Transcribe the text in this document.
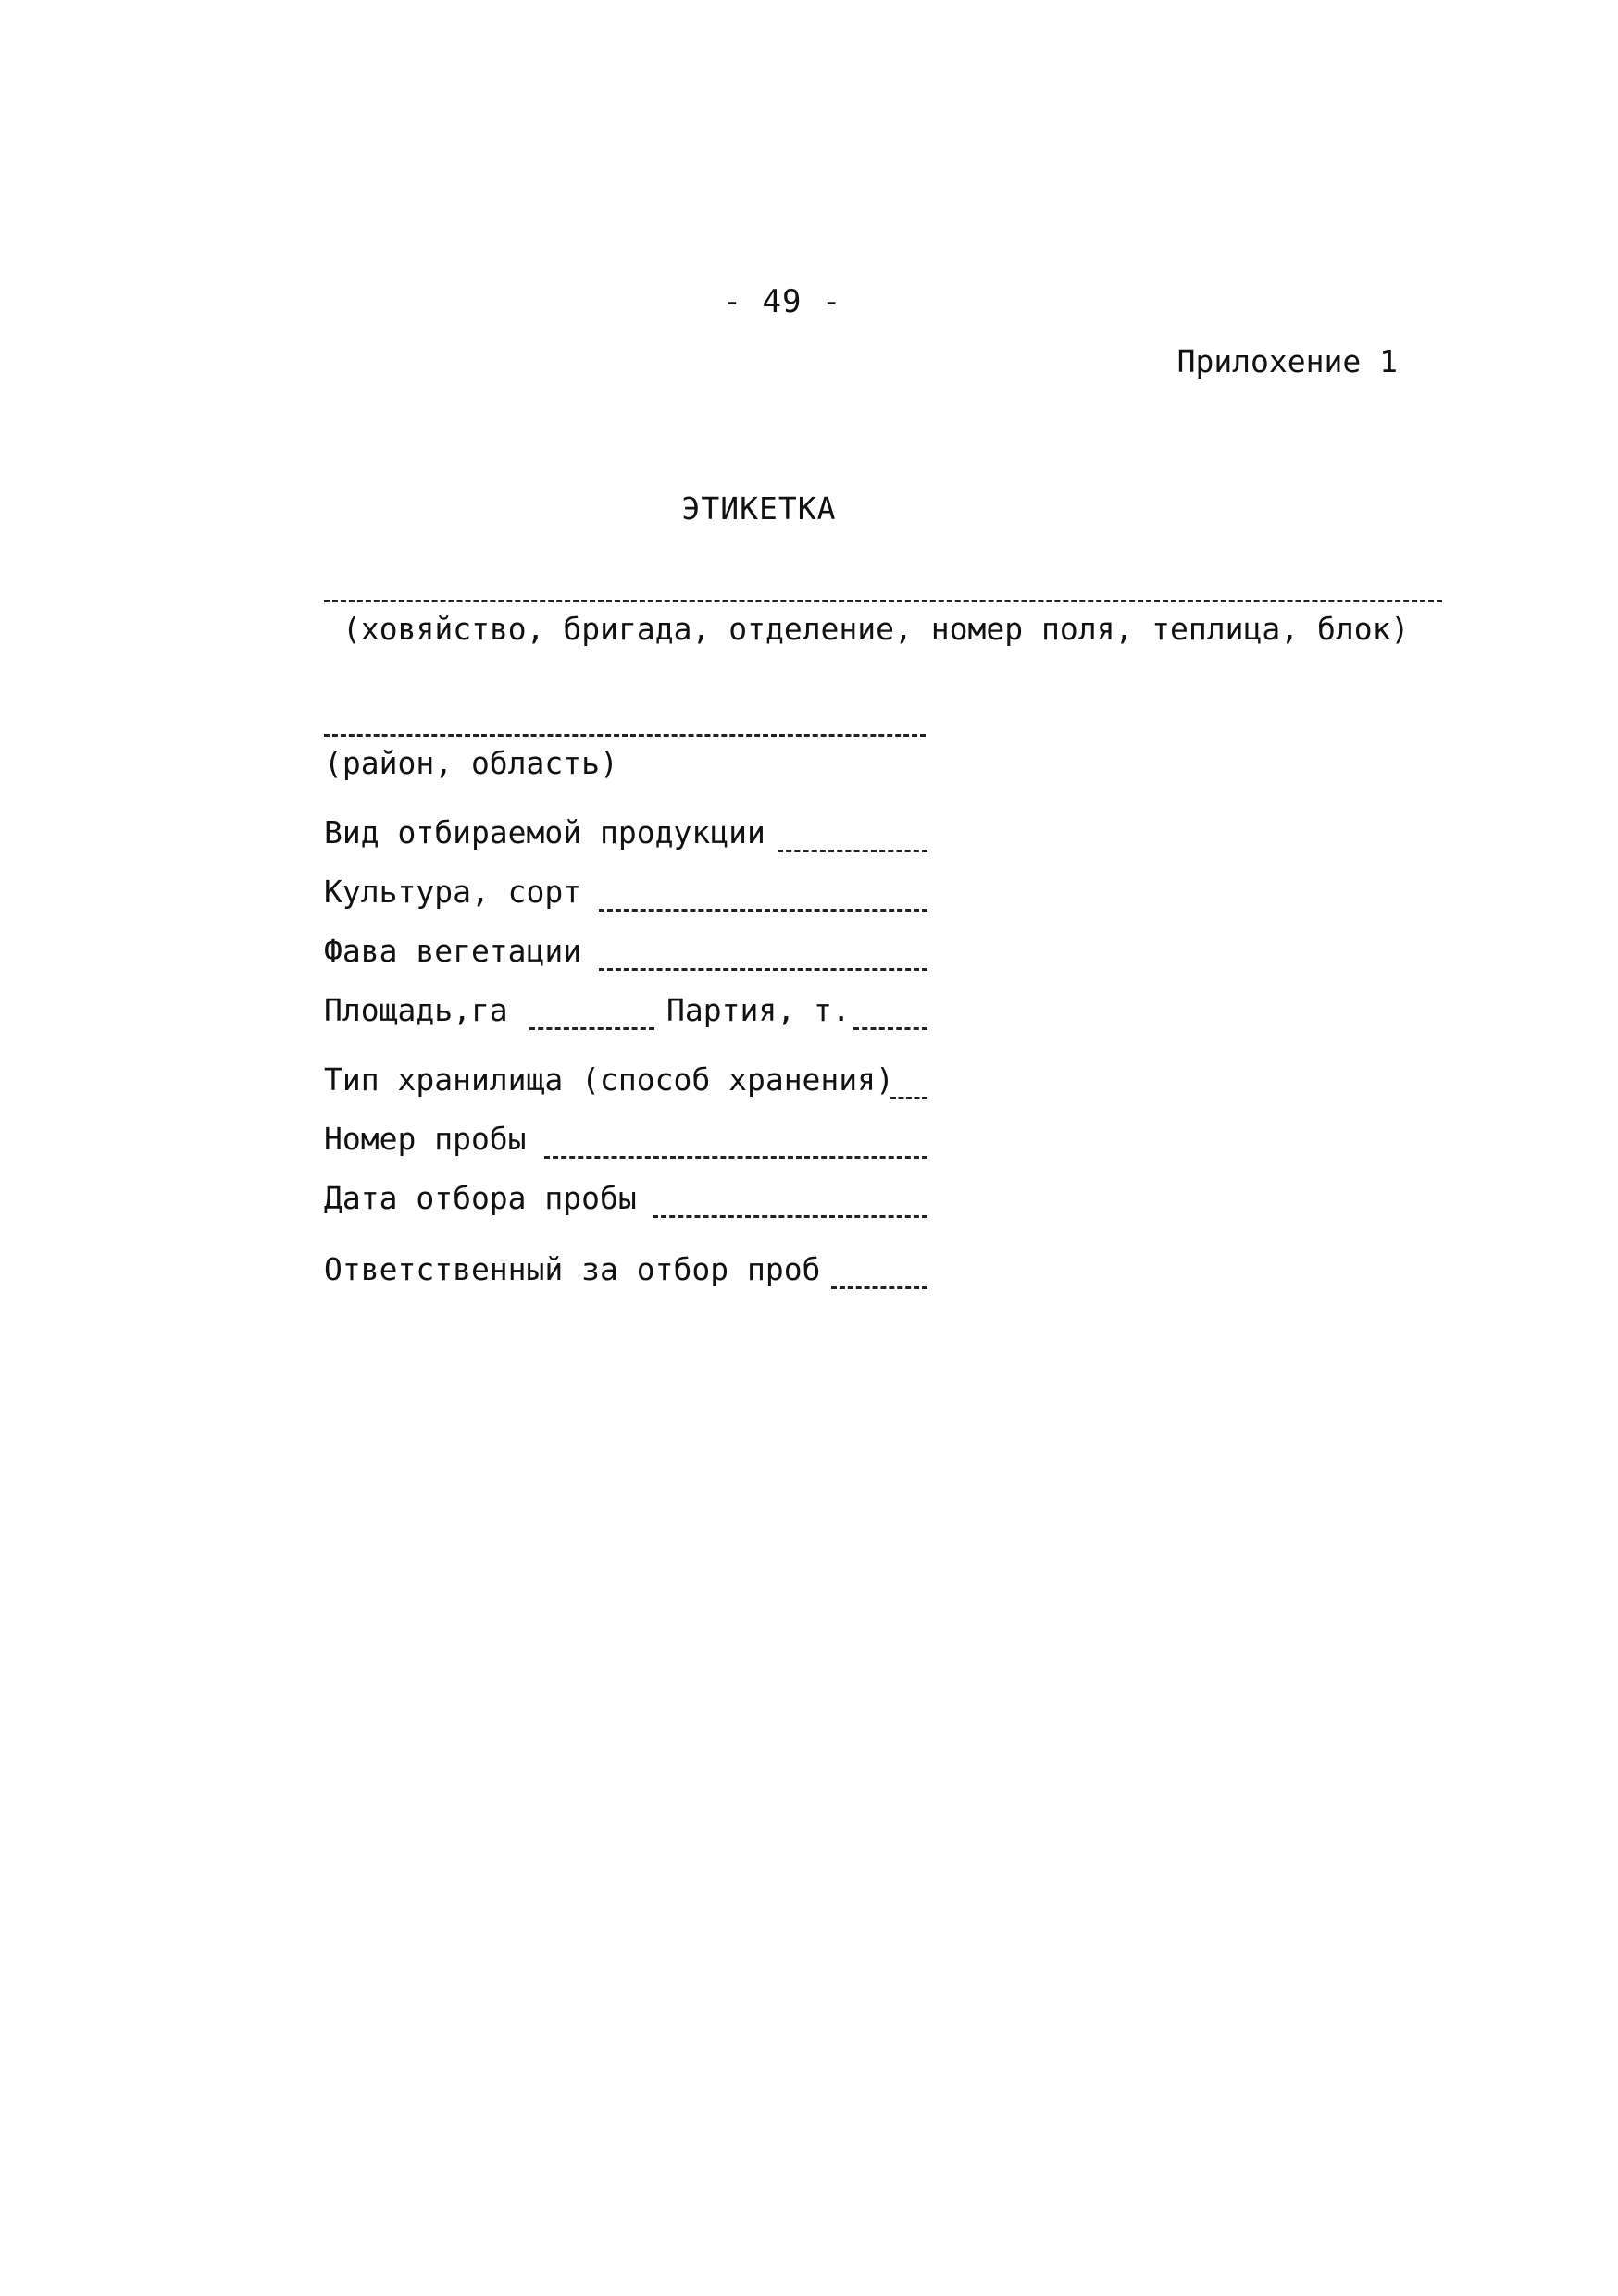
- 49 -
Прилохение 1
ЭТИКЕТКА
(ховяйство, бригада, отделение, номер поля, теплица, блок)
(район, область)
Вид отбираемой продукции
Культура, сорт
Фава вегетации
Площадь,га	Партия, т.
Тип хранилища (способ хранения)
Номер пробы
Дата отбора пробы
Ответственный за отбор проб
